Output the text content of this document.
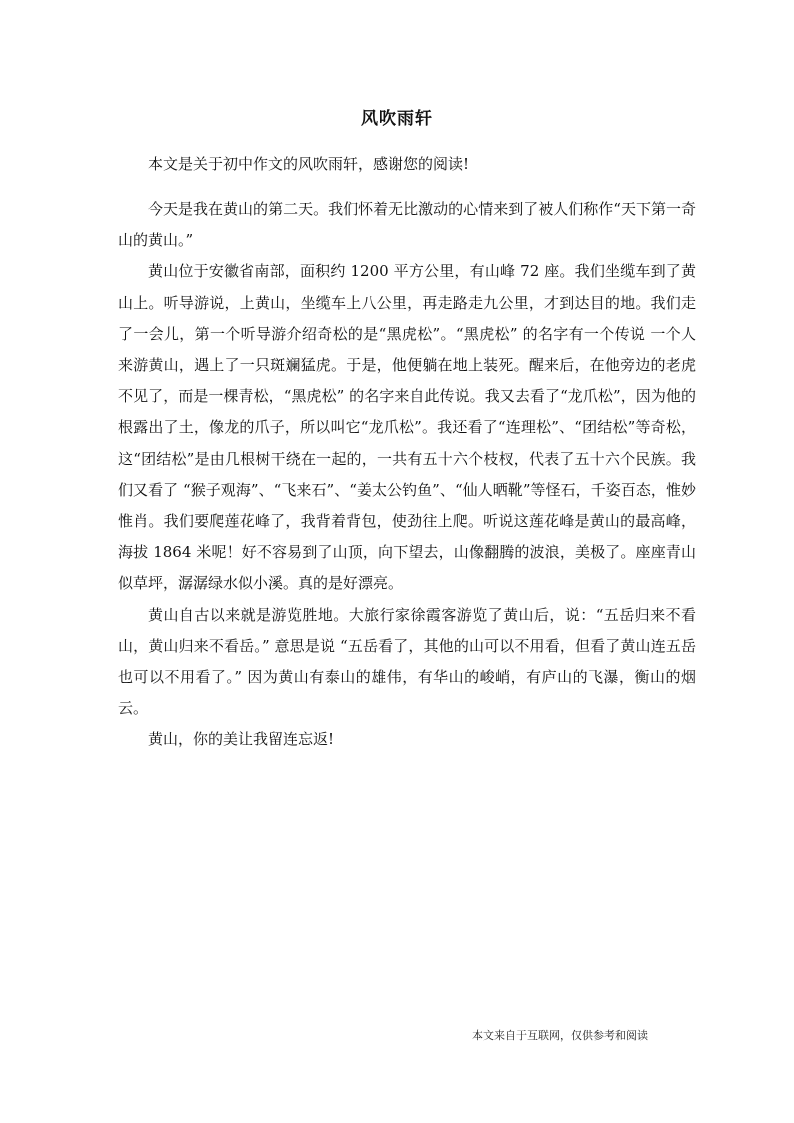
风吹雨轩

本文是关于初中作文的风吹雨轩，感谢您的阅读!

今天是我在黄山的第二天。我们怀着无比激动的心情来到了被人们称作“天下第一奇山的黄山。”

黄山位于安徽省南部，面积约 1200 平方公里，有山峰 72 座。我们坐缆车到了黄山上。听导游说，上黄山，坐缆车上八公里，再走路走九公里，才到达目的地。我们走了一会儿，第一个听导游介绍奇松的是“黑虎松”。“黑虎松” 的名字有一个传说 一个人来游黄山，遇上了一只斑斓猛虎。于是，他便躺在地上装死。醒来后，在他旁边的老虎不见了，而是一棵青松，“黑虎松” 的名字来自此传说。我又去看了“龙爪松”，因为他的根露出了土，像龙的爪子，所以叫它“龙爪松”。我还看了“连理松”、“团结松”等奇松，这“团结松”是由几根树干绕在一起的，一共有五十六个枝杈，代表了五十六个民族。我们又看了 “猴子观海”、“飞来石”、“姜太公钓鱼”、“仙人晒靴”等怪石，千姿百态，惟妙惟肖。我们要爬莲花峰了，我背着背包，使劲往上爬。听说这莲花峰是黄山的最高峰，海拔 1864 米呢！好不容易到了山顶，向下望去，山像翻腾的波浪，美极了。座座青山似草坪，潺潺绿水似小溪。真的是好漂亮。

黄山自古以来就是游览胜地。大旅行家徐霞客游览了黄山后，说：“五岳归来不看山，黄山归来不看岳。” 意思是说 “五岳看了，其他的山可以不用看，但看了黄山连五岳也可以不用看了。” 因为黄山有泰山的雄伟，有华山的峻峭，有庐山的飞瀑，衡山的烟云。

黄山，你的美让我留连忘返!

本文来自于互联网，仅供参考和阅读
